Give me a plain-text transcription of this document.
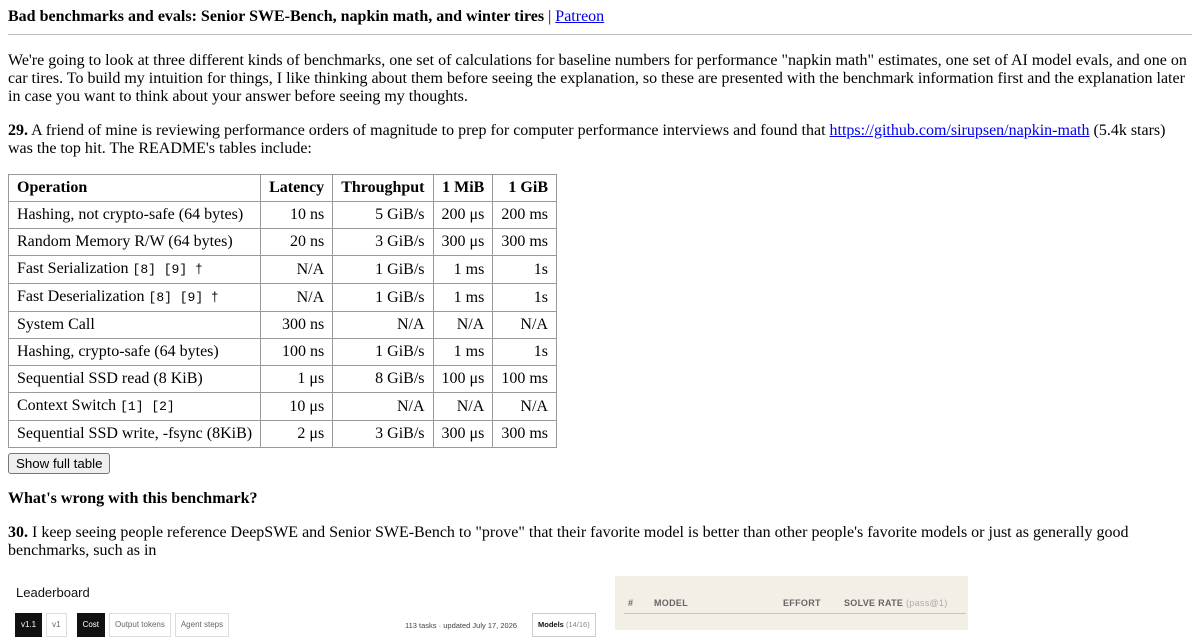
Bad benchmarks and evals: Senior SWE-Bench, napkin math, and winter tires | Patreon

We're going to look at three different kinds of benchmarks, one set of calculations for baseline numbers for performance "napkin math" estimates, one set of AI model evals, and one on car tires. To build my intuition for things, I like thinking about them before seeing the explanation, so these are presented with the benchmark information first and the explanation later in case you want to think about your answer before seeing my thoughts.

29. A friend of mine is reviewing performance orders of magnitude to prep for computer performance interviews and found that https://github.com/sirupsen/napkin-math (5.4k stars) was the top hit. The README's tables include:

Operation	Latency	Throughput	1 MiB	1 GiB
Hashing, not crypto-safe (64 bytes)	10 ns	5 GiB/s	200 μs	200 ms
Random Memory R/W (64 bytes)	20 ns	3 GiB/s	300 μs	300 ms
Fast Serialization [8] [9] †	N/A	1 GiB/s	1 ms	1s
Fast Deserialization [8] [9] †	N/A	1 GiB/s	1 ms	1s
System Call	300 ns	N/A	N/A	N/A
Hashing, crypto-safe (64 bytes)	100 ns	1 GiB/s	1 ms	1s
Sequential SSD read (8 KiB)	1 μs	8 GiB/s	100 μs	100 ms
Context Switch [1] [2]	10 μs	N/A	N/A	N/A
Sequential SSD write, -fsync (8KiB)	2 μs	3 GiB/s	300 μs	300 ms
Show full table
What's wrong with this benchmark?

30. I keep seeing people reference DeepSWE and Senior SWE-Bench to "prove" that their favorite model is better than other people's favorite models or just as generally good benchmarks, such as in

Leaderboard
v1.1	v1	Cost	Output tokens	Agent steps	113 tasks · updated July 17, 2026	Models (14/16)
# MODEL	EFFORT	SOLVE RATE (pass@1)
